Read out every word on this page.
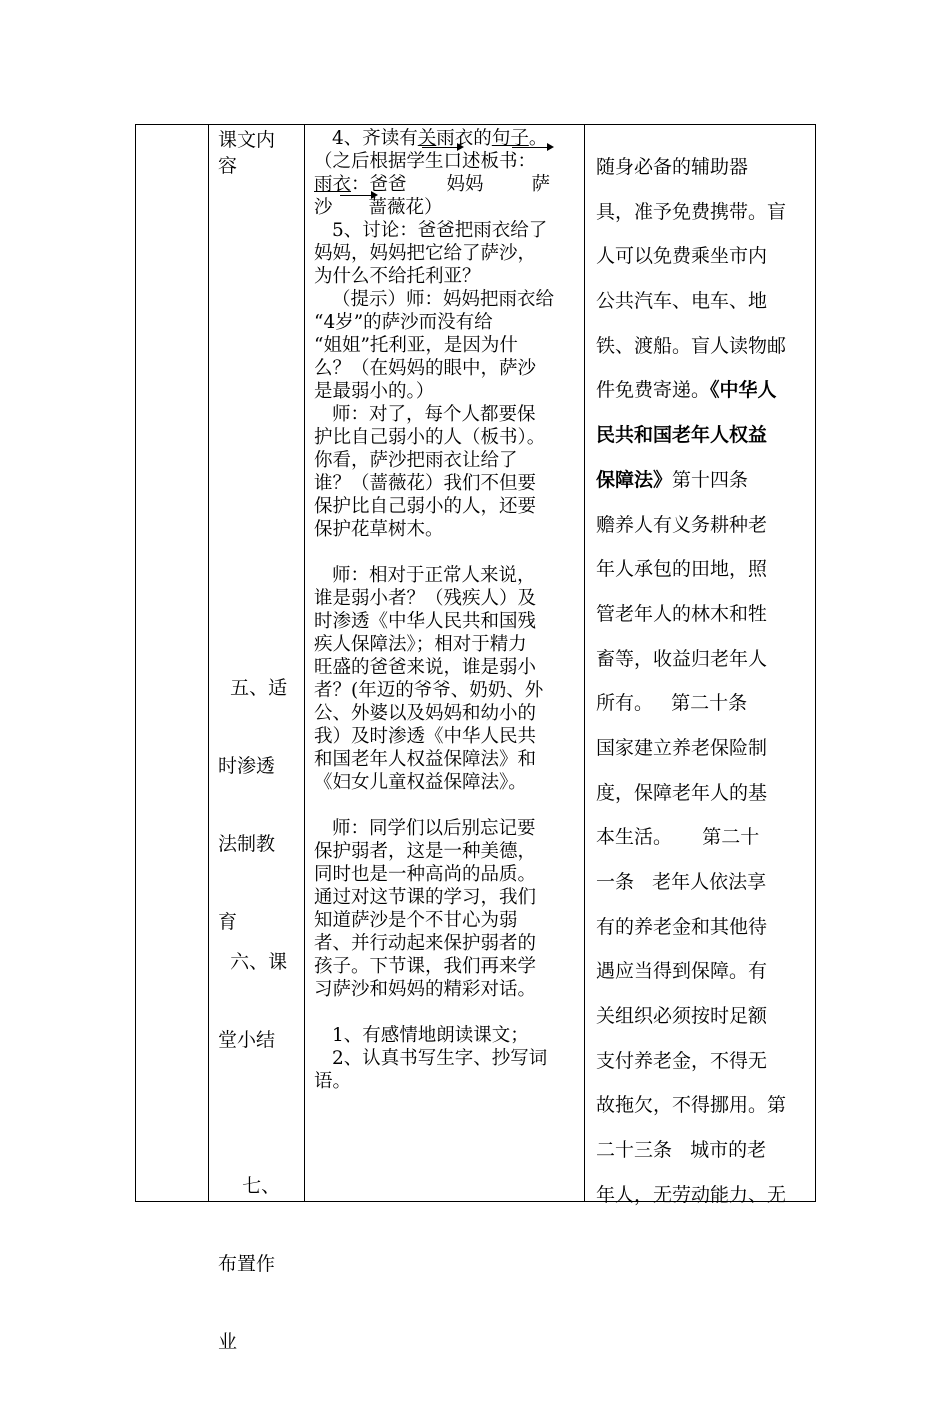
课文内
容

五、适

时渗透

法制教

育

六、课

堂小结

七、

布置作

业

4、齐读有关雨衣的句子。
（之后根据学生口述板书：
雨衣：爸爸 妈妈	萨
沙 蔷薇花）
5、讨论：爸爸把雨衣给了
妈妈，妈妈把它给了萨沙，
为什么不给托利亚？
（提示）师：妈妈把雨衣给
“4岁”的萨沙而没有给
“姐姐”托利亚，是因为什
么？（在妈妈的眼中，萨沙
是最弱小的。）
师：对了，每个人都要保
护比自己弱小的人（板书）。
你看，萨沙把雨衣让给了
谁？（蔷薇花）我们不但要
保护比自己弱小的人，还要
保护花草树木。
师：相对于正常人来说，
谁是弱小者？（残疾人）及
时渗透《中华人民共和国残
疾人保障法》；相对于精力
旺盛的爸爸来说，谁是弱小
者？(年迈的爷爷、奶奶、外
公、外婆以及妈妈和幼小的
我）及时渗透《中华人民共
和国老年人权益保障法》和
《妇女儿童权益保障法》。
师：同学们以后别忘记要
保护弱者，这是一种美德，
同时也是一种高尚的品质。
通过对这节课的学习，我们
知道萨沙是个不甘心为弱
者、并行动起来保护弱者的
孩子。下节课，我们再来学
习萨沙和妈妈的精彩对话。
1、有感情地朗读课文；
2、认真书写生字、抄写词
语。
随身必备的辅助器
具，准予免费携带。盲
人可以免费乘坐市内
公共汽车、电车、地
铁、渡船。盲人读物邮
件免费寄递。《中华人
民共和国老年人权益
保障法》第十四条
赡养人有义务耕种老
年人承包的田地，照
管老年人的林木和牲
畜等，收益归老年人
所有。   第二十条
国家建立养老保险制
度，保障老年人的基
本生活。     第二十
一条   老年人依法享
有的养老金和其他待
遇应当得到保障。有
关组织必须按时足额
支付养老金，不得无
故拖欠，不得挪用。第
二十三条   城市的老
年人，无劳动能力、无
